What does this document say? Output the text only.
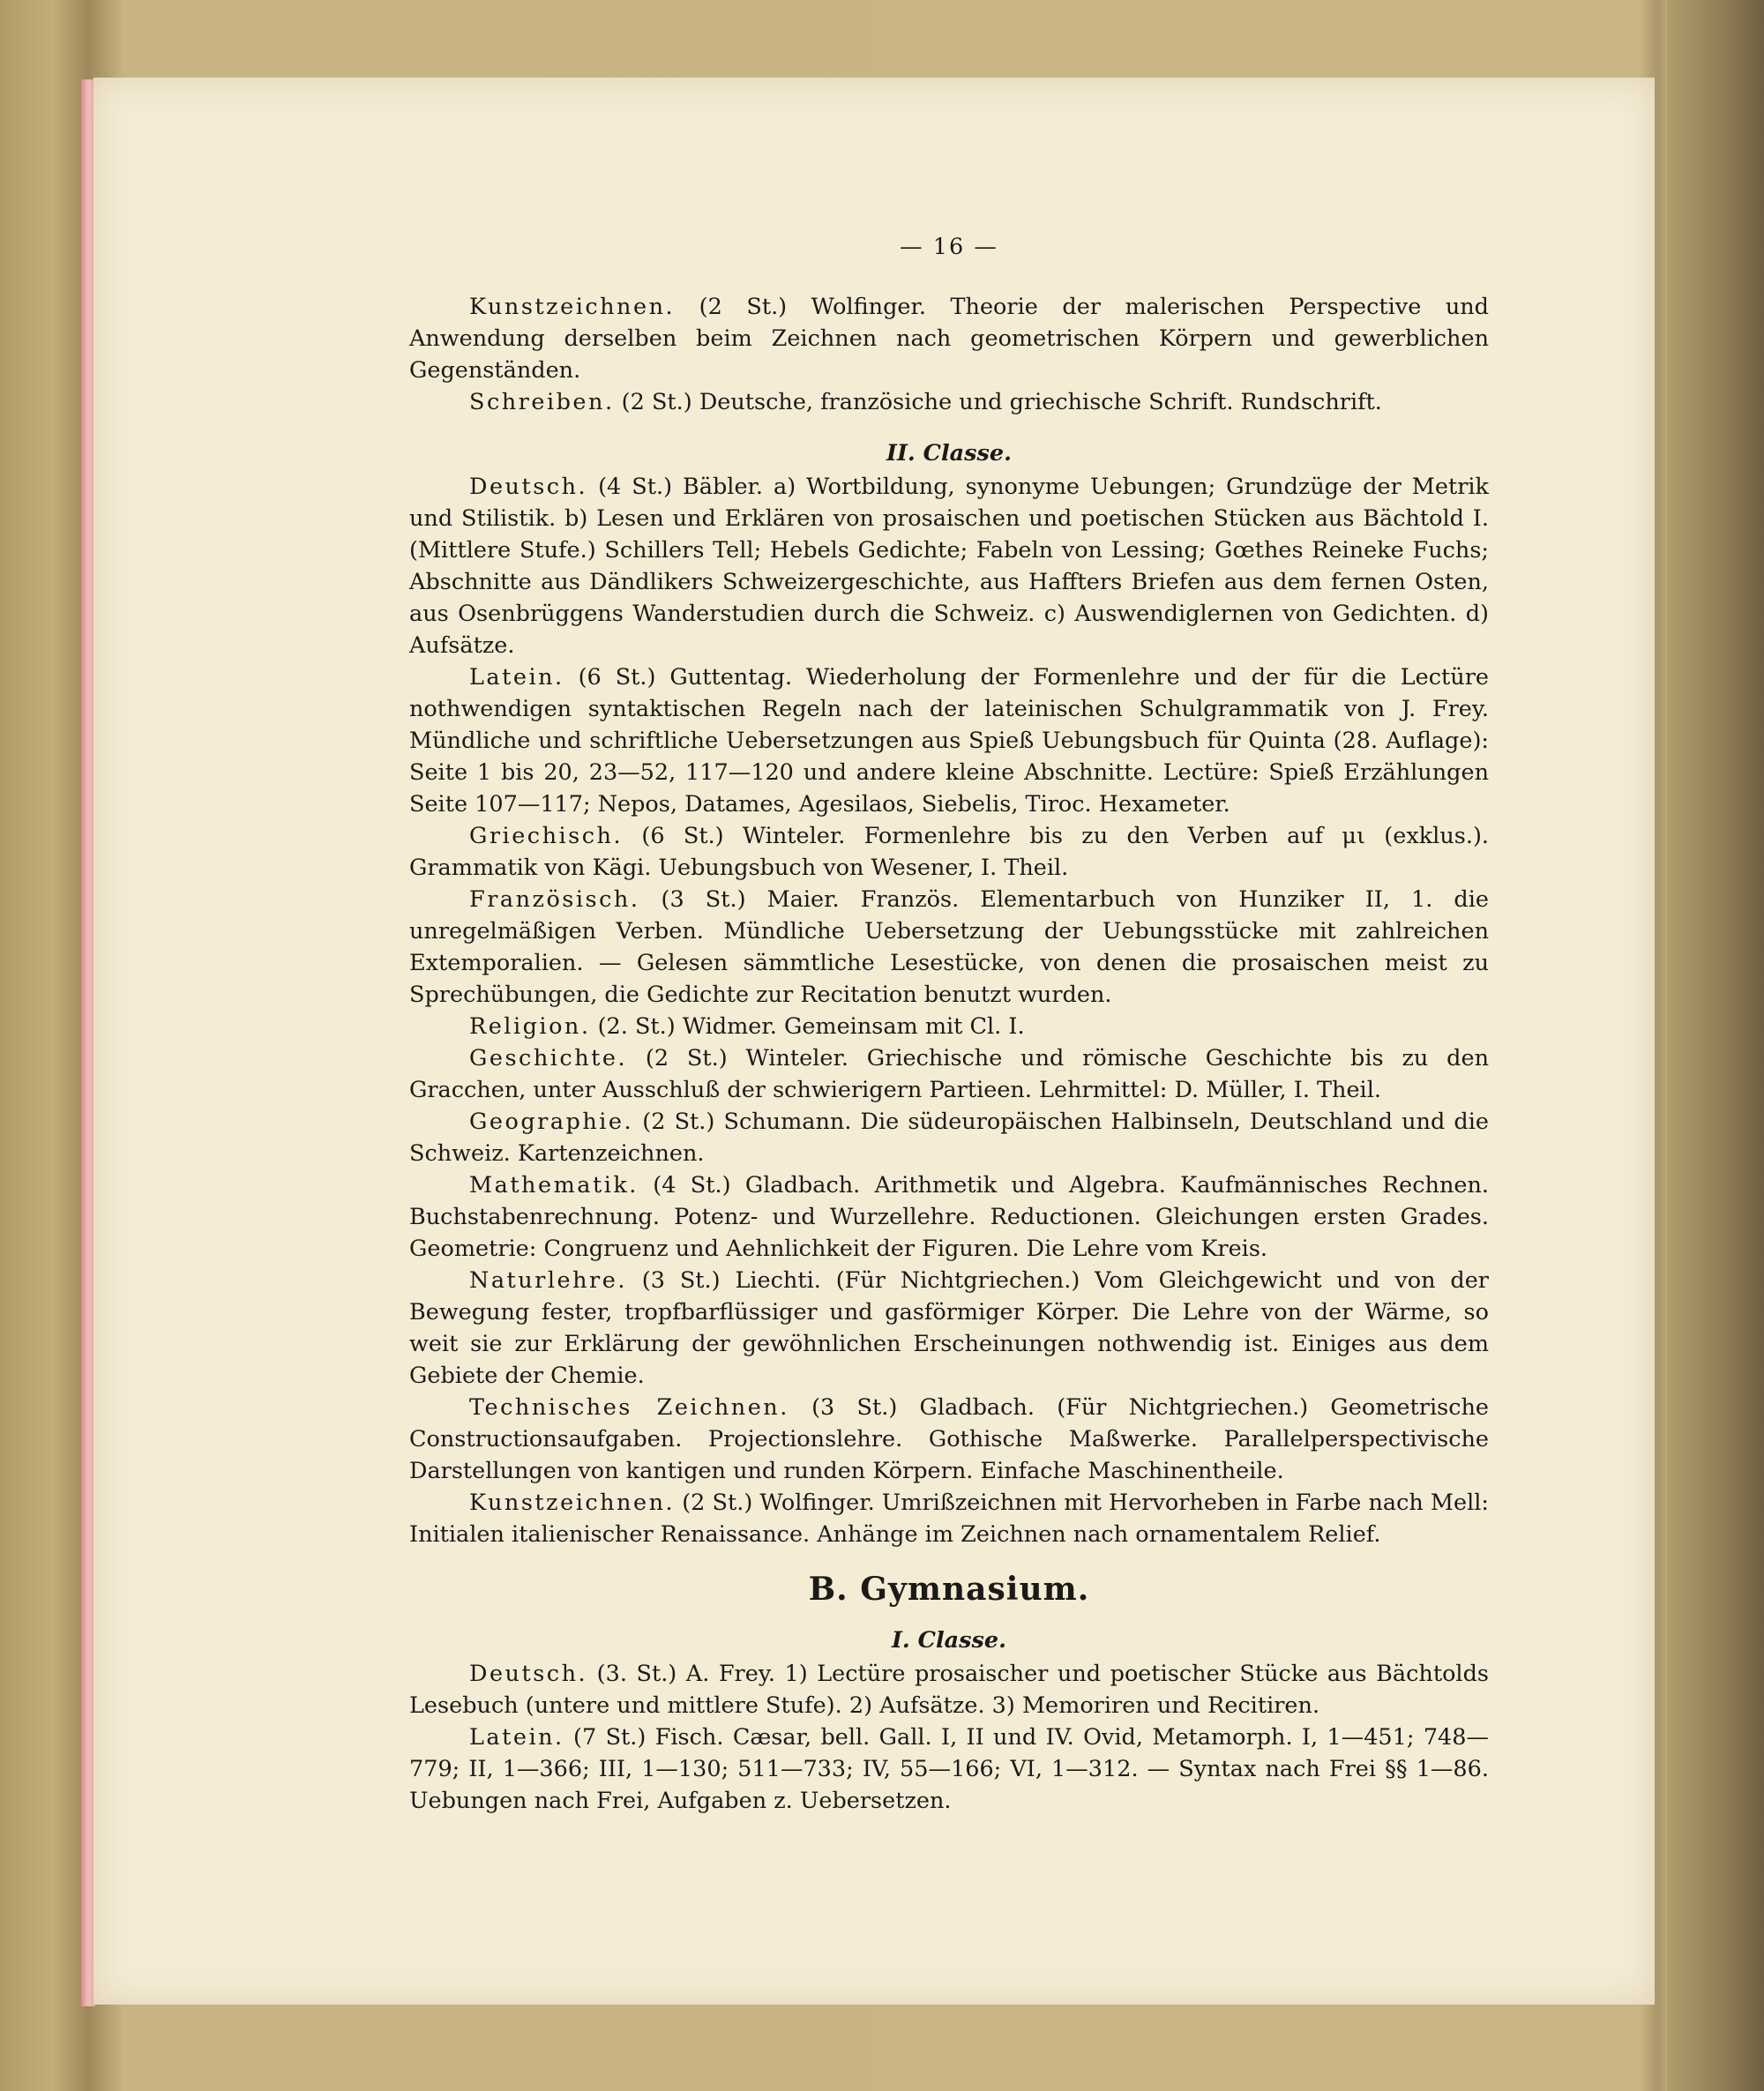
— 16 —

Kunstzeichnen. (2 St.) Wolfinger. Theorie der malerischen Perspective und Anwendung derselben beim Zeichnen nach geometrischen Körpern und gewerblichen Gegenständen.

Schreiben. (2 St.) Deutsche, französiche und griechische Schrift. Rundschrift.

II. Classe.

Deutsch. (4 St.) Bäbler. a) Wortbildung, synonyme Uebungen; Grundzüge der Metrik und Stilistik. b) Lesen und Erklären von prosaischen und poetischen Stücken aus Bächtold I. (Mittlere Stufe.) Schillers Tell; Hebels Gedichte; Fabeln von Lessing; Gœthes Reineke Fuchs; Abschnitte aus Dändlikers Schweizergeschichte, aus Haffters Briefen aus dem fernen Osten, aus Osenbrüggens Wanderstudien durch die Schweiz. c) Auswendiglernen von Gedichten. d) Aufsätze.

Latein. (6 St.) Guttentag. Wiederholung der Formenlehre und der für die Lectüre nothwendigen syntaktischen Regeln nach der lateinischen Schulgrammatik von J. Frey. Mündliche und schriftliche Uebersetzungen aus Spieß Uebungsbuch für Quinta (28. Auflage): Seite 1 bis 20, 23—52, 117—120 und andere kleine Abschnitte. Lectüre: Spieß Erzählungen Seite 107—117; Nepos, Datames, Agesilaos, Siebelis, Tiroc. Hexameter.

Griechisch. (6 St.) Winteler. Formenlehre bis zu den Verben auf μι (exklus.). Grammatik von Kägi. Uebungsbuch von Wesener, I. Theil.

Französisch. (3 St.) Maier. Französ. Elementarbuch von Hunziker II, 1. die unregelmäßigen Verben. Mündliche Uebersetzung der Uebungsstücke mit zahlreichen Extemporalien. — Gelesen sämmtliche Lesestücke, von denen die prosaischen meist zu Sprechübungen, die Gedichte zur Recitation benutzt wurden.

Religion. (2. St.) Widmer. Gemeinsam mit Cl. I.

Geschichte. (2 St.) Winteler. Griechische und römische Geschichte bis zu den Gracchen, unter Ausschluß der schwierigern Partieen. Lehrmittel: D. Müller, I. Theil.

Geographie. (2 St.) Schumann. Die südeuropäischen Halbinseln, Deutschland und die Schweiz. Kartenzeichnen.

Mathematik. (4 St.) Gladbach. Arithmetik und Algebra. Kaufmännisches Rechnen. Buchstabenrechnung. Potenz- und Wurzellehre. Reductionen. Gleichungen ersten Grades. Geometrie: Congruenz und Aehnlichkeit der Figuren. Die Lehre vom Kreis.

Naturlehre. (3 St.) Liechti. (Für Nichtgriechen.) Vom Gleichgewicht und von der Bewegung fester, tropfbarflüssiger und gasförmiger Körper. Die Lehre von der Wärme, so weit sie zur Erklärung der gewöhnlichen Erscheinungen nothwendig ist. Einiges aus dem Gebiete der Chemie.

Technisches Zeichnen. (3 St.) Gladbach. (Für Nichtgriechen.) Geometrische Constructionsaufgaben. Projectionslehre. Gothische Maßwerke. Parallelperspectivische Darstellungen von kantigen und runden Körpern. Einfache Maschinentheile.

Kunstzeichnen. (2 St.) Wolfinger. Umrißzeichnen mit Hervorheben in Farbe nach Mell: Initialen italienischer Renaissance. Anhänge im Zeichnen nach ornamentalem Relief.

B. Gymnasium.
I. Classe.

Deutsch. (3. St.) A. Frey. 1) Lectüre prosaischer und poetischer Stücke aus Bächtolds Lesebuch (untere und mittlere Stufe). 2) Aufsätze. 3) Memoriren und Recitiren.

Latein. (7 St.) Fisch. Cæsar, bell. Gall. I, II und IV. Ovid, Metamorph. I, 1—451; 748—779; II, 1—366; III, 1—130; 511—733; IV, 55—166; VI, 1—312. — Syntax nach Frei §§ 1—86. Uebungen nach Frei, Aufgaben z. Uebersetzen.
